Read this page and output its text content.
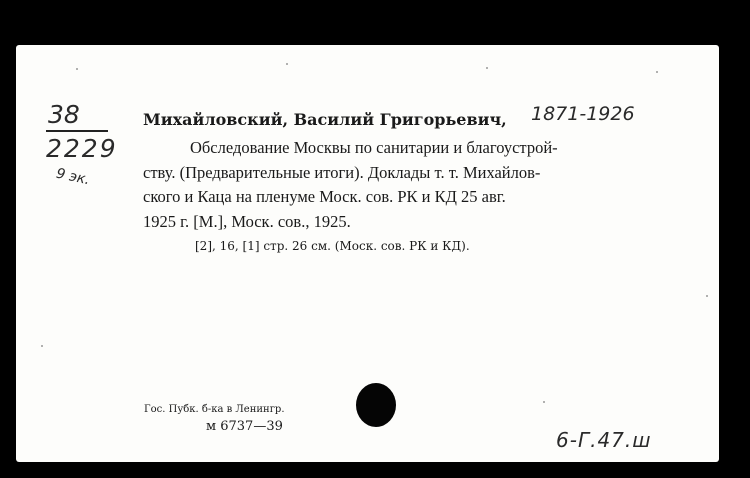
38
2229
9 эк.
Михайловский, Василий Григорьевич, 1871-1926
Обследование Москвы по санитарии и благоустрой-
ству. (Предварительные итоги). Доклады т. т. Михайлов-
ского и Каца на пленуме Моск. сов. РК и КД 25 авг.
1925 г. [М.], Моск. сов., 1925.
[2], 16, [1] стр. 26 см. (Моск. сов. РК и КД).
Гос. Пубк. б-ка в Ленингр.
м 6737—39
6-Г.47.ш
